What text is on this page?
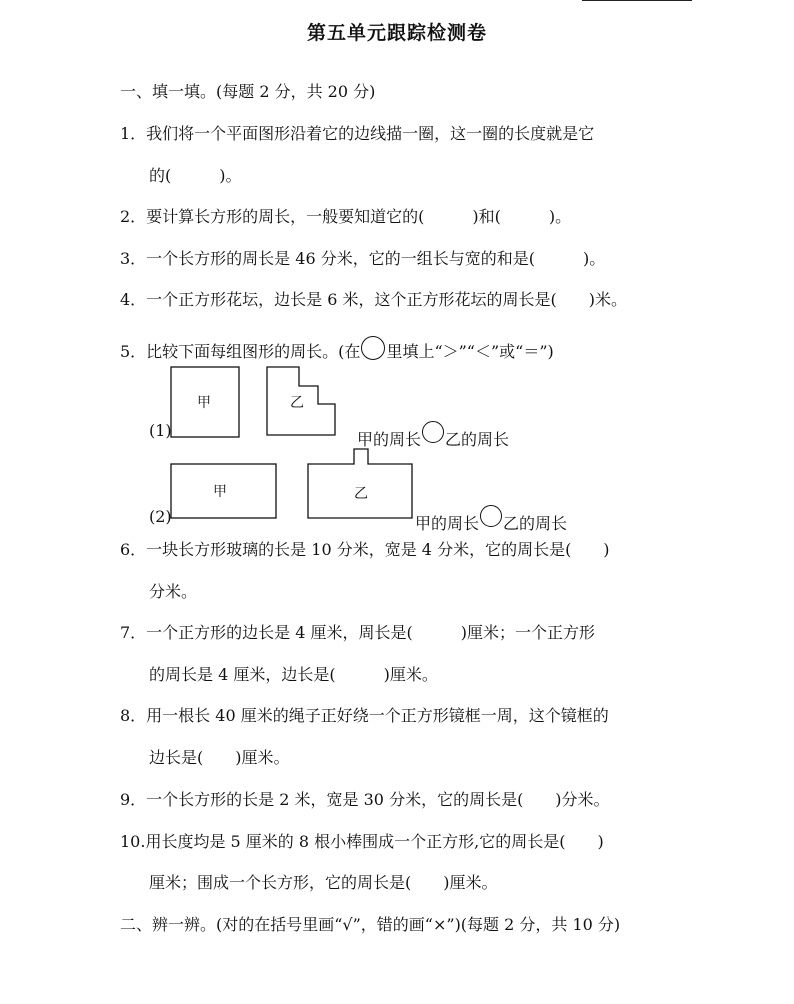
第五单元跟踪检测卷
一、填一填。(每题 2 分，共 20 分)
1．我们将一个平面图形沿着它的边线描一圈，这一圈的长度就是它
的(　　　)。
2．要计算长方形的周长，一般要知道它的(　　　)和(　　　)。
3．一个长方形的周长是 46 分米，它的一组长与宽的和是(　　　)。
4．一个正方形花坛，边长是 6 米，这个正方形花坛的周长是(　　)米。
5．比较下面每组图形的周长。(在 里填上“＞”“＜”或“＝”)
(1)
甲	乙
甲的周长 乙的周长
(2)
甲	乙
甲的周长 乙的周长
6．一块长方形玻璃的长是 10 分米，宽是 4 分米，它的周长是(　　)
分米。
7．一个正方形的边长是 4 厘米，周长是(　　　)厘米；一个正方形
的周长是 4 厘米，边长是(　　　)厘米。
8．用一根长 40 厘米的绳子正好绕一个正方形镜框一周，这个镜框的
边长是(　　)厘米。
9．一个长方形的长是 2 米，宽是 30 分米，它的周长是(　　)分米。
10.用长度均是 5 厘米的 8 根小棒围成一个正方形,它的周长是(　　)
厘米；围成一个长方形，它的周长是(　　)厘米。
二、辨一辨。(对的在括号里画“√”，错的画“×”)(每题 2 分，共 10 分)
